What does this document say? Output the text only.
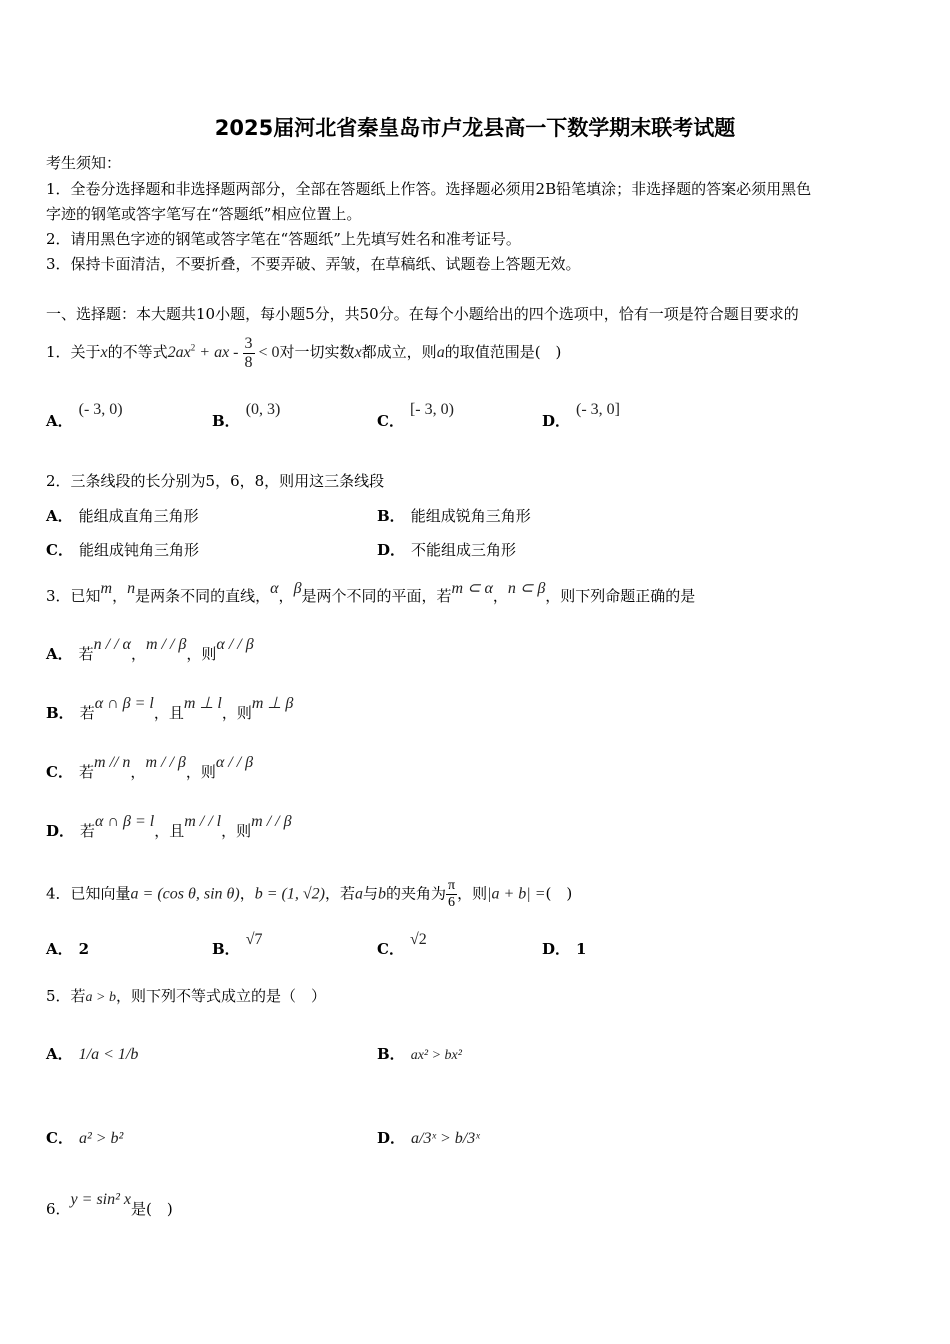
2025届河北省秦皇岛市卢龙县高一下数学期末联考试题
考生须知：
1．全卷分选择题和非选择题两部分，全部在答题纸上作答。选择题必须用2B铅笔填涂；非选择题的答案必须用黑色
字迹的钢笔或答字笔写在“答题纸”相应位置上。
2．请用黑色字迹的钢笔或答字笔在“答题纸”上先填写姓名和准考证号。
3．保持卡面清洁，不要折叠，不要弄破、弄皱，在草稿纸、试题卷上答题无效。
一、选择题：本大题共10小题，每小题5分，共50分。在每个小题给出的四个选项中，恰有一项是符合题目要求的
1．关于x的不等式$2ax^2$ + ax - $\frac{3}{8} < 0$对一切实数x都成立，则a的取值范围是(　)
A．(- 3, 0)
B．(0, 3)
C．[- 3, 0)
D．(- 3, 0]
2．三条线段的长分别为5，6，8，则用这三条线段
A． 能组成直角三角形	B． 能组成锐角三角形
C． 能组成钝角三角形	D． 不能组成三角形
3．已知m，n是两条不同的直线，α，β是两个不同的平面，若m ⊂ α，n ⊂ β，则下列命题正确的是
A． 若n / / α，m / / β，则α / / β
B． 若α ∩ β = l，且m ⊥ l，则m ⊥ β
C． 若m // n，m / / β，则α / / β
D． 若α ∩ β = l，且m / / l，则m / / β
4．已知向量a = (cos θ, sin θ)，b = (1, √2)，若a与b的夹角为 $\frac{\pi}{6}$ ，则|a + b| =(　)
A． 2	B．√7
C．√2
D． 1
5．若a > b，则下列不等式成立的是（　）
A． 1/a < 1/b	B． ax² > bx²
C． a² > b²	D． a/3ˣ > b/3ˣ
6．y = sin² x是(　)
